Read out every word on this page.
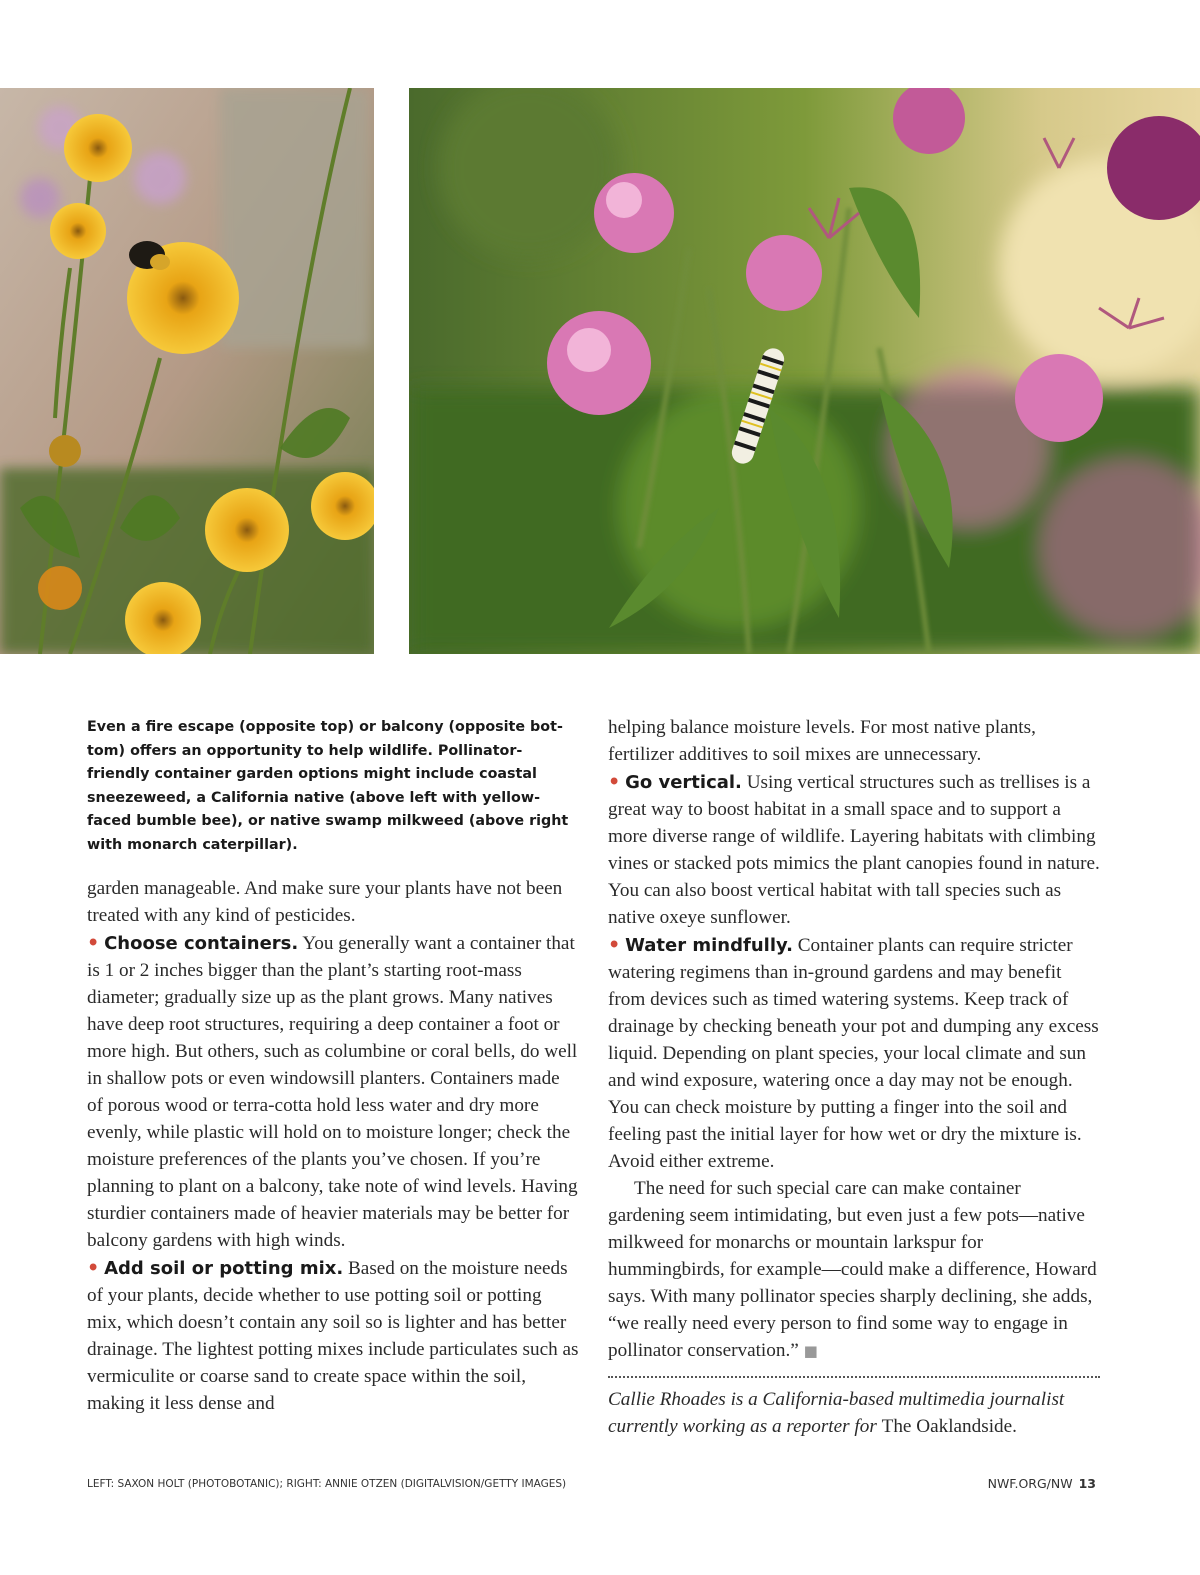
Even a fire escape (opposite top) or balcony (opposite bot-tom) offers an opportunity to help wildlife. Pollinator-friendly container garden options might include coastal sneezeweed, a California native (above left with yellow-faced bumble bee), or native swamp milkweed (above right with monarch caterpillar).

garden manageable. And make sure your plants have not been treated with any kind of pesticides.

• Choose containers. You generally want a container that is 1 or 2 inches bigger than the plant’s starting root-mass diameter; gradually size up as the plant grows. Many natives have deep root structures, requiring a deep container a foot or more high. But others, such as columbine or coral bells, do well in shallow pots or even windowsill planters. Containers made of porous wood or terra-cotta hold less water and dry more evenly, while plastic will hold on to moisture longer; check the moisture preferences of the plants you’ve chosen. If you’re planning to plant on a balcony, take note of wind levels. Having sturdier containers made of heavier materials may be better for balcony gardens with high winds.

• Add soil or potting mix. Based on the moisture needs of your plants, decide whether to use potting soil or potting mix, which doesn’t contain any soil so is lighter and has better drainage. The lightest potting mixes include particulates such as vermiculite or coarse sand to create space within the soil, making it less dense and

helping balance moisture levels. For most native plants, fertilizer additives to soil mixes are unnecessary.

• Go vertical. Using vertical structures such as trellises is a great way to boost habitat in a small space and to support a more diverse range of wildlife. Layering habitats with climbing vines or stacked pots mimics the plant canopies found in nature. You can also boost vertical habitat with tall species such as native oxeye sunflower.

• Water mindfully. Container plants can require stricter watering regimens than in-ground gardens and may benefit from devices such as timed watering systems. Keep track of drainage by checking beneath your pot and dumping any excess liquid. Depending on plant species, your local climate and sun and wind exposure, watering once a day may not be enough. You can check moisture by putting a finger into the soil and feeling past the initial layer for how wet or dry the mixture is. Avoid either extreme.

The need for such special care can make container gardening seem intimidating, but even just a few pots—native milkweed for monarchs or mountain larkspur for hummingbirds, for example—could make a difference, Howard says. With many pollinator species sharply declining, she adds, “we really need every person to find some way to engage in pollinator conservation.” ■

Callie Rhoades is a California-based multimedia journalist currently working as a reporter for The Oaklandside.

LEFT: SAXON HOLT (PHOTOBOTANIC); RIGHT: ANNIE OTZEN (DIGITALVISION/GETTY IMAGES)	NWF.ORG/NW 13
